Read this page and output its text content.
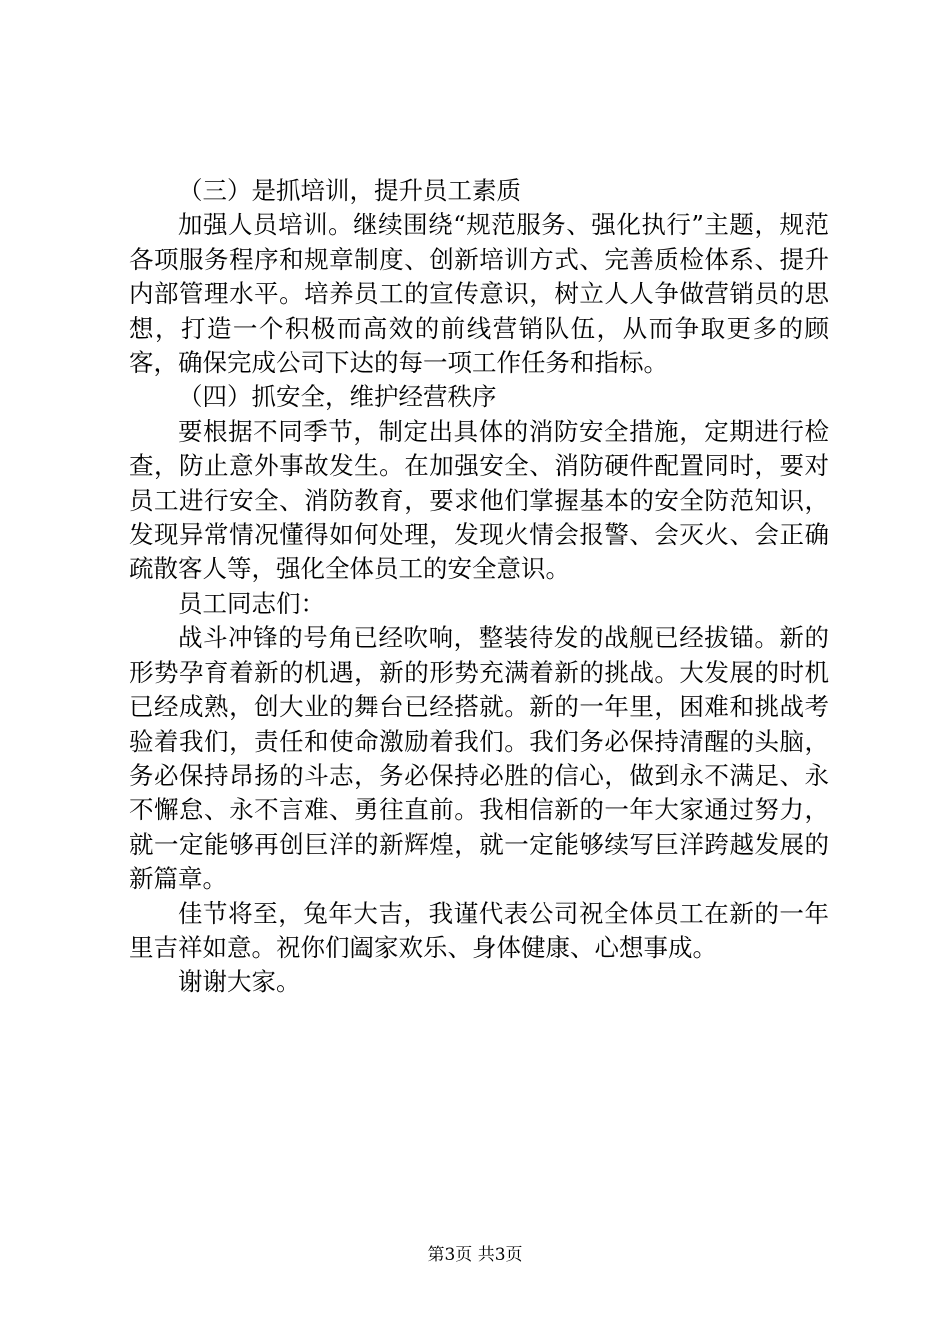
（三）是抓培训，提升员工素质

加强人员培训。继续围绕“规范服务、强化执行”主题，规范各项服务程序和规章制度、创新培训方式、完善质检体系、提升内部管理水平。培养员工的宣传意识，树立人人争做营销员的思想，打造一个积极而高效的前线营销队伍，从而争取更多的顾客，确保完成公司下达的每一项工作任务和指标。

（四）抓安全，维护经营秩序

要根据不同季节，制定出具体的消防安全措施，定期进行检查，防止意外事故发生。在加强安全、消防硬件配置同时，要对员工进行安全、消防教育，要求他们掌握基本的安全防范知识，发现异常情况懂得如何处理，发现火情会报警、会灭火、会正确疏散客人等，强化全体员工的安全意识。

员工同志们：

战斗冲锋的号角已经吹响，整装待发的战舰已经拔锚。新的形势孕育着新的机遇，新的形势充满着新的挑战。大发展的时机已经成熟，创大业的舞台已经搭就。新的一年里，困难和挑战考验着我们，责任和使命激励着我们。我们务必保持清醒的头脑，务必保持昂扬的斗志，务必保持必胜的信心，做到永不满足、永不懈怠、永不言难、勇往直前。我相信新的一年大家通过努力，就一定能够再创巨洋的新辉煌，就一定能够续写巨洋跨越发展的新篇章。

佳节将至，兔年大吉，我谨代表公司祝全体员工在新的一年里吉祥如意。祝你们阖家欢乐、身体健康、心想事成。

谢谢大家。

第3页 共3页
